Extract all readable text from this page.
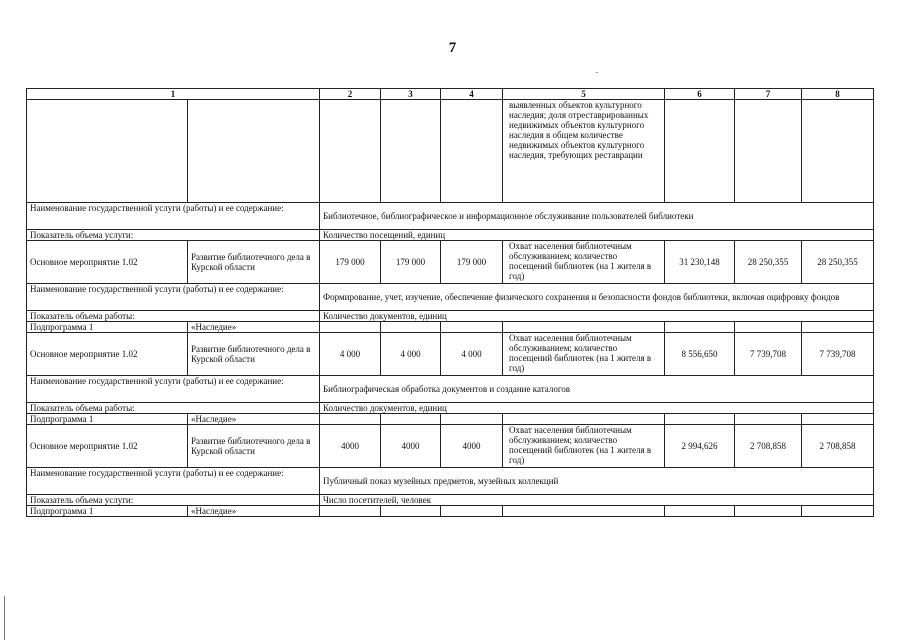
7
1		2	3	4	5	6	7	8
					выявленных объектов культурного наследия; доля отреставрированных недвижимых объектов культурного наследия в общем количестве недвижимых объектов культурного наследия, требующих реставрации			
Наименование государственной услуги (работы) и ее содержание:		Библиотечное, библиографическое и информационное обслуживание пользователей библиотеки						
Показатель объема услуги:		Количество посещений, единиц						
Основное мероприятие 1.02	Развитие библиотечного дела в Курской области	179 000	179 000	179 000	Охват населения библиотечным обслуживанием; количество посещений библиотек (на 1 жителя в год)	31 230,148	28 250,355	28 250,355
Наименование государственной услуги (работы) и ее содержание:		Формирование, учет, изучение, обеспечение физического сохранения и безопасности фондов библиотеки, включая оцифровку фондов						
Показатель объема работы:		Количество документов, единиц						
Подпрограмма 1	«Наследие»							
Основное мероприятие 1.02	Развитие библиотечного дела в Курской области	4 000	4 000	4 000	Охват населения библиотечным обслуживанием; количество посещений библиотек (на 1 жителя в год)	8 556,650	7 739,708	7 739,708
Наименование государственной услуги (работы) и ее содержание:		Библиографическая обработка документов и создание каталогов						
Показатель объема работы:		Количество документов, единиц						
Подпрограмма 1	«Наследие»							
Основное мероприятие 1.02	Развитие библиотечного дела в Курской области	4000	4000	4000	Охват населения библиотечным обслуживанием; количество посещений библиотек (на 1 жителя в год)	2 994,626	2 708,858	2 708,858
Наименование государственной услуги (работы) и ее содержание:		Публичный показ музейных предметов, музейных коллекций						
Показатель объема услуги:		Число посетителей, человек						
Подпрограмма 1	«Наследие»							
